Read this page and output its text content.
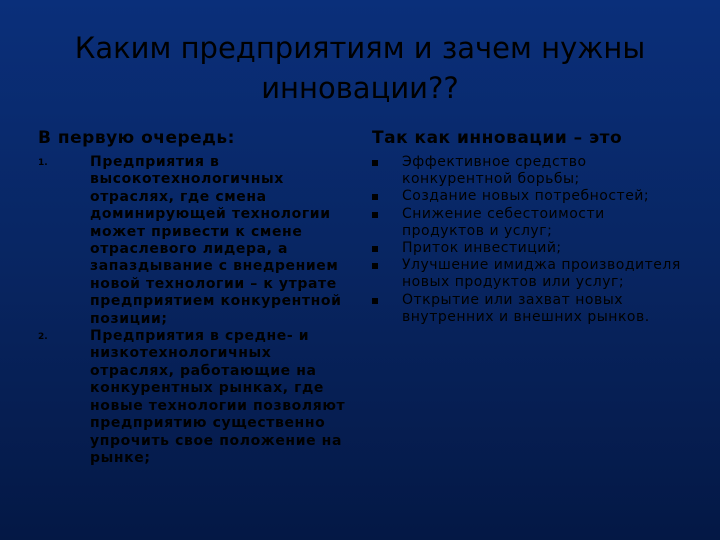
Каким предприятиям и зачем нужны инновации??
В первую очередь:	Так как инновации – это
1.	Предприятия в высокотехнологичных отраслях, где смена доминирующей технологии может привести к смене отраслевого лидера, а запаздывание с внедрением новой технологии – к утрате предприятием конкурентной позиции;
2.	Предприятия в средне- и низкотехнологичных отраслях, работающие на конкурентных рынках, где новые технологии позволяют предприятию существенно упрочить свое положение на рынке;
Эффективное средство конкурентной борьбы;
Создание новых потребностей;
Снижение себестоимости продуктов и услуг;
Приток инвестиций;
Улучшение имиджа производителя новых продуктов или услуг;
Открытие или захват новых внутренних и внешних рынков.
